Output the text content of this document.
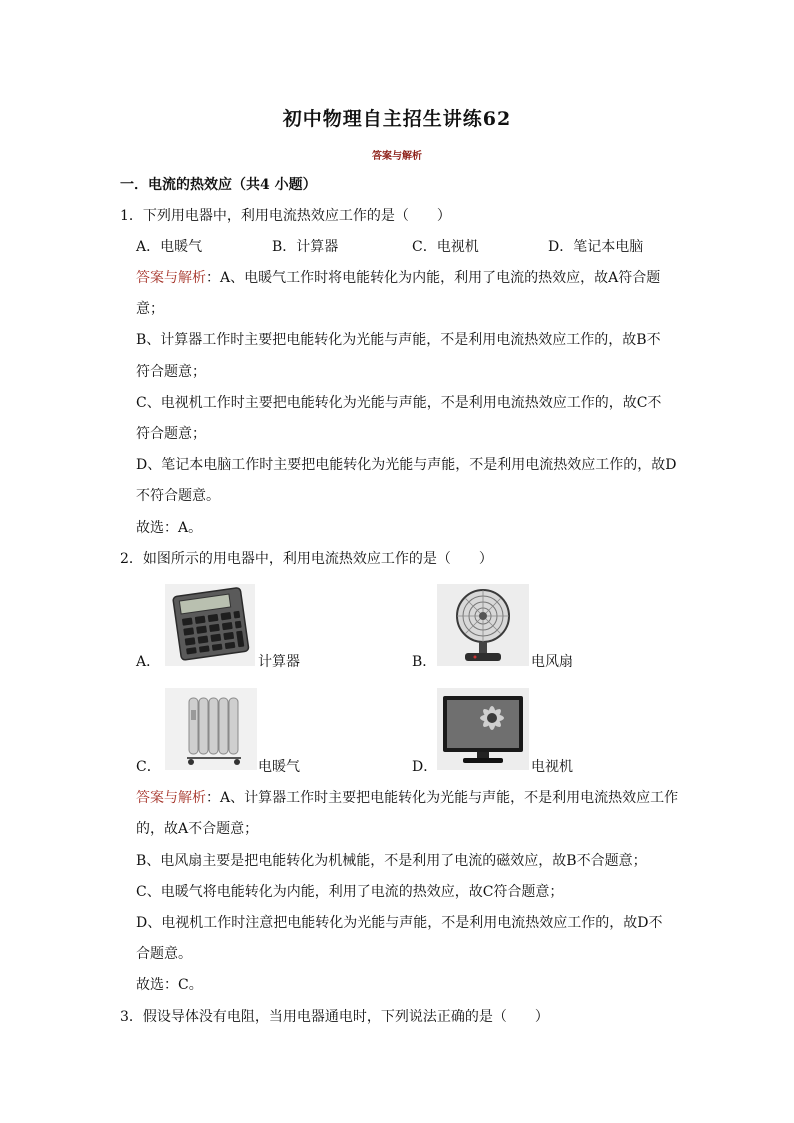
初中物理自主招生讲练62
答案与解析
一．电流的热效应（共4 小题）
1．下列用电器中，利用电流热效应工作的是（　　）
A．电暖气	B．计算器	C．电视机	D．笔记本电脑
答案与解析：A、电暖气工作时将电能转化为内能，利用了电流的热效应，故A符合题
意；
B、计算器工作时主要把电能转化为光能与声能，不是利用电流热效应工作的，故B不
符合题意；
C、电视机工作时主要把电能转化为光能与声能，不是利用电流热效应工作的，故C不
符合题意；
D、笔记本电脑工作时主要把电能转化为光能与声能，不是利用电流热效应工作的，故D
不符合题意。
故选：A。
2．如图所示的用电器中，利用电流热效应工作的是（　　）
A．	计算器	B．	电风扇
C．	电暖气	D．	电视机
答案与解析：A、计算器工作时主要把电能转化为光能与声能，不是利用电流热效应工作
的，故A不合题意；
B、电风扇主要是把电能转化为机械能，不是利用了电流的磁效应，故B不合题意；
C、电暖气将电能转化为内能，利用了电流的热效应，故C符合题意；
D、电视机工作时注意把电能转化为光能与声能，不是利用电流热效应工作的，故D不
合题意。
故选：C。
3．假设导体没有电阻，当用电器通电时，下列说法正确的是（　　）
